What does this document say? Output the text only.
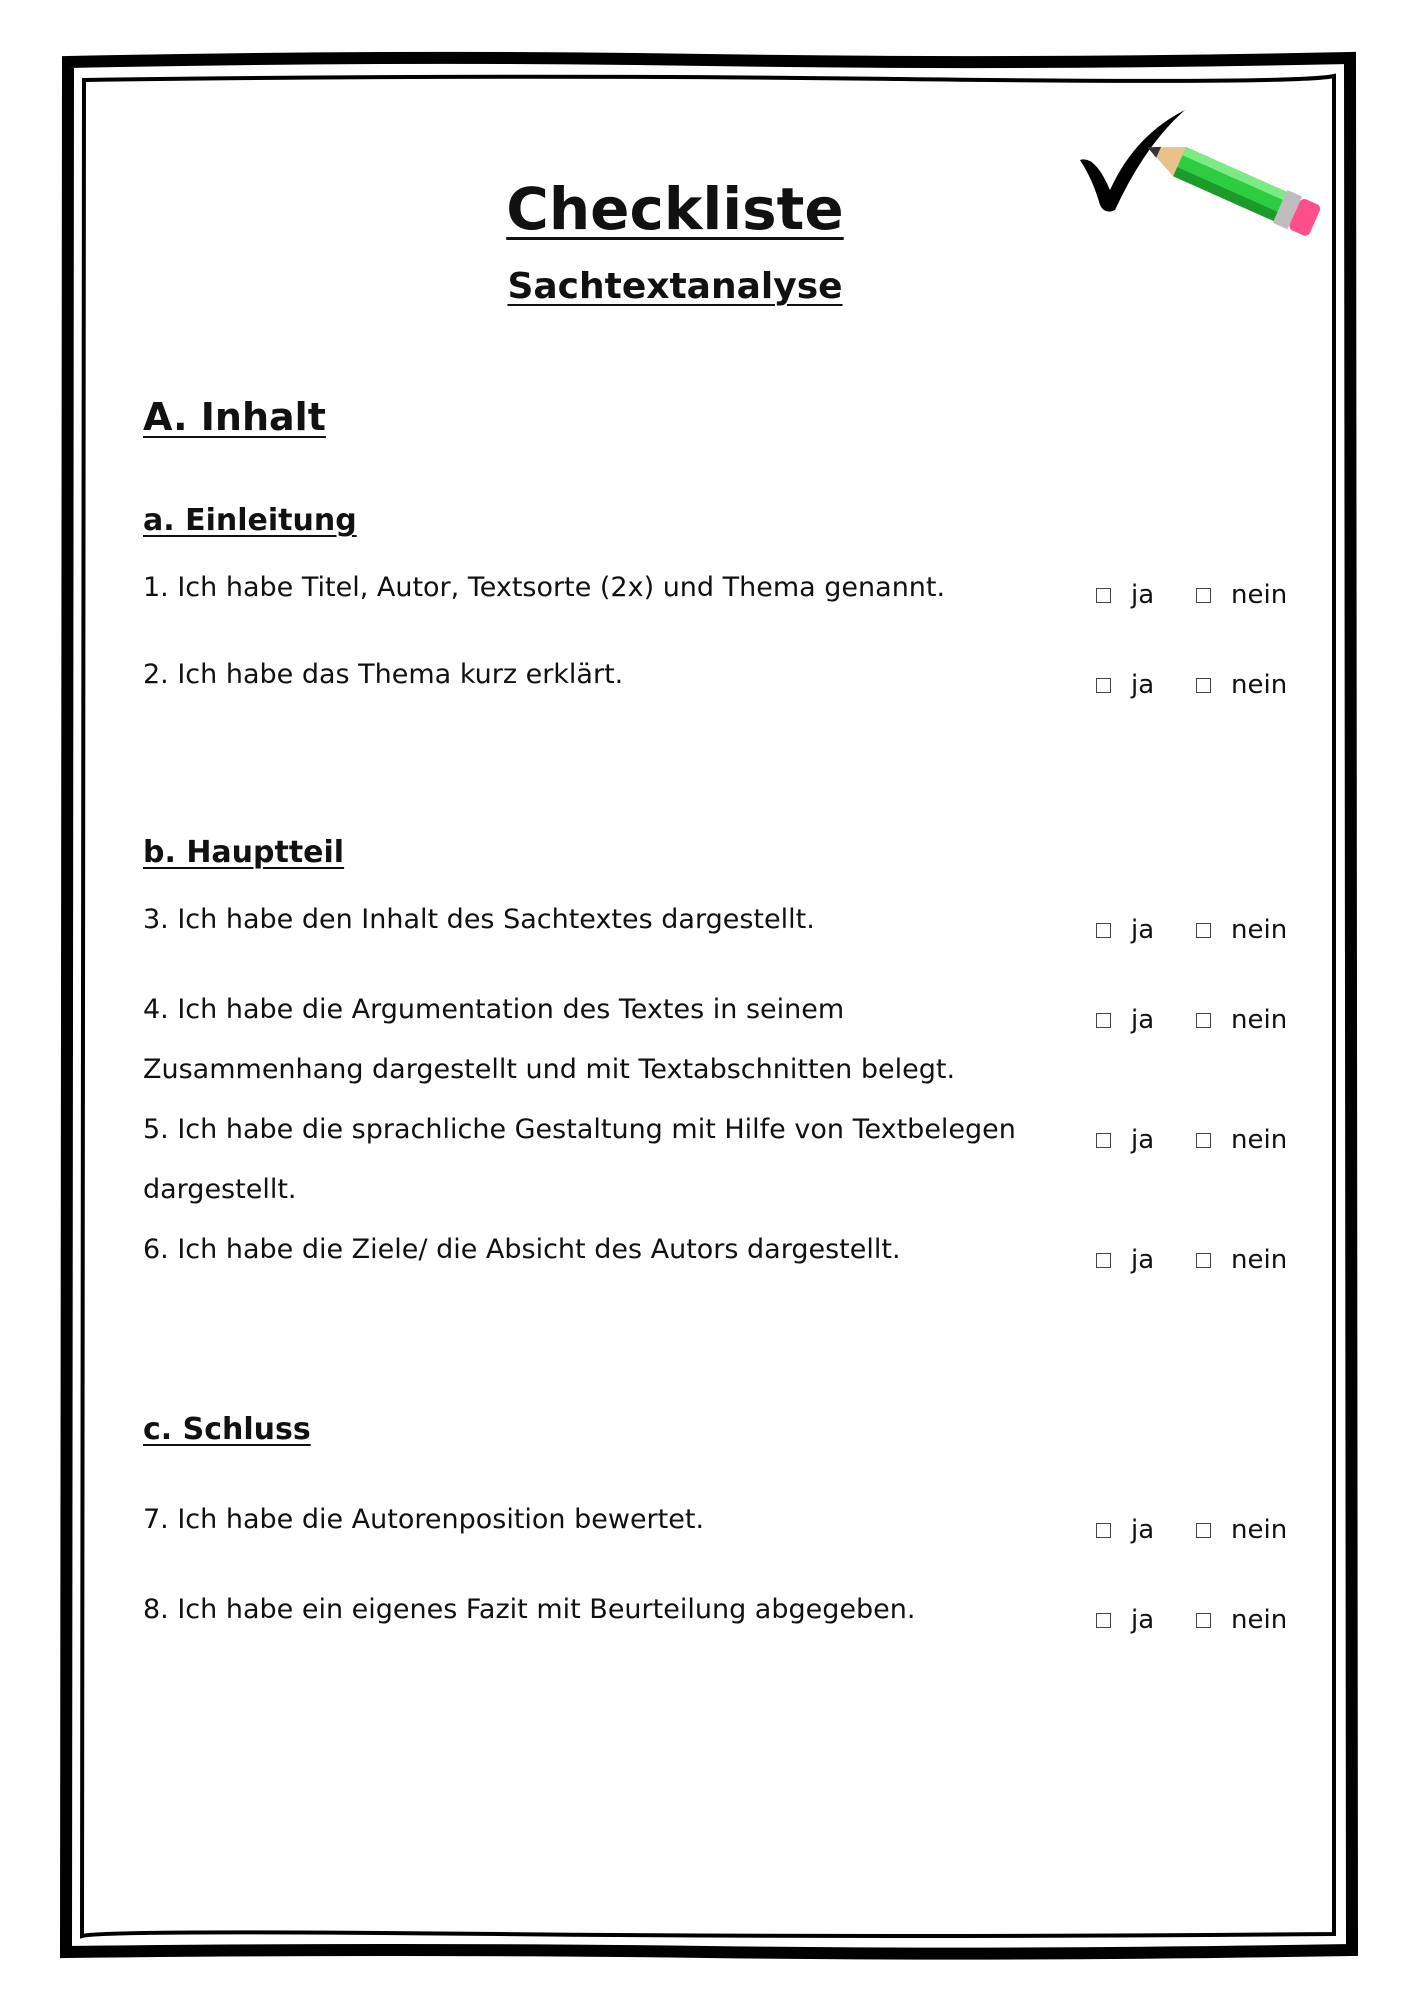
Checkliste
Sachtextanalyse
A. Inhalt
a. Einleitung
1. Ich habe Titel, Autor, Textsorte (2x) und Thema genannt.	ja	nein
2. Ich habe das Thema kurz erklärt.	ja	nein
b. Hauptteil
3. Ich habe den Inhalt des Sachtextes dargestellt.	ja	nein
4. Ich habe die Argumentation des Textes in seinem Zusammenhang dargestellt und mit Textabschnitten belegt.
ja	nein
5. Ich habe die sprachliche Gestaltung mit Hilfe von Textbelegen dargestellt.
ja	nein
6. Ich habe die Ziele/ die Absicht des Autors dargestellt.	ja	nein
c. Schluss
7. Ich habe die Autorenposition bewertet.	ja	nein
8. Ich habe ein eigenes Fazit mit Beurteilung abgegeben.	ja	nein
